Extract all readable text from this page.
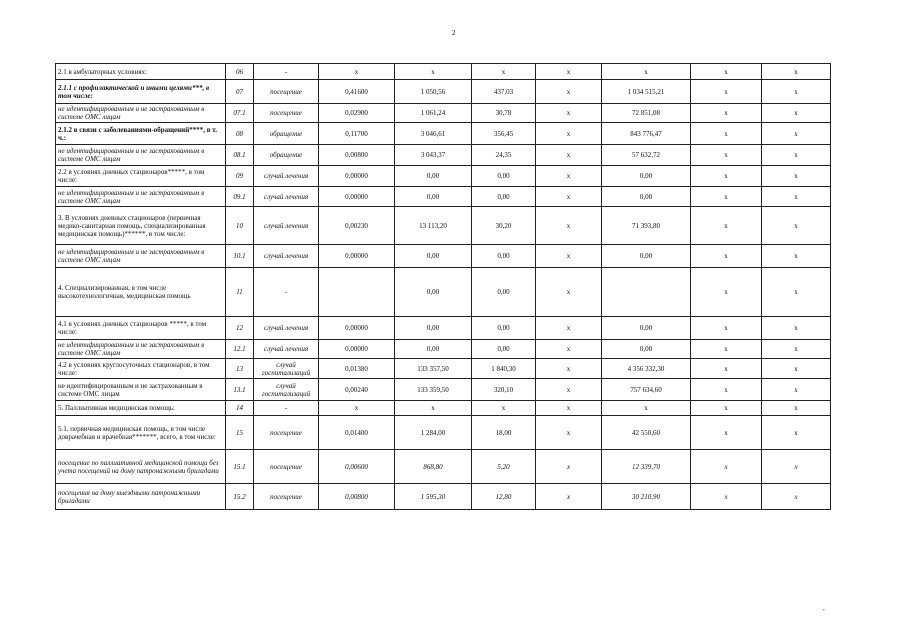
2
2.1 в амбулаторных условиях:	06	-	x	x	x	x	x	x	x
2.1.1 с профилактической и иными целями***, в том числе:	07	посещение	0,41600	1 050,56	437,03	x	1 034 515,21	x	x
не идентифицированным и не застрахованным в системе ОМС лицам	07.1	посещение	0,02900	1 061,24	30,78	x	72 851,08	x	x
2.1.2 в связи с заболеваниями-обращений****, в т. ч.:	08	обращение	0,11700	3 046,61	356,45	x	843 776,47	x	x
не идентифицированным и не застрахованным в системе ОМС лицам	08.1	обращение	0,00800	3 043,37	24,35	x	57 632,72	x	x
2.2 в условиях дневных стационаров*****, в том числе:	09	случай лечения	0,00000	0,00	0,00	x	0,00	x	x
не идентифицированным и не застрахованным в системе ОМС лицам	09.1	случай лечения	0,00000	0,00	0,00	x	0,00	x	x
3. В условиях дневных стационаров (первичная медико-санитарная помощь, специализированная медицинская помощь)******, в том числе:	10	случай лечения	0,00230	13 113,20	30,20	x	71 393,80	x	x
не идентифицированным и не застрахованным в системе ОМС лицам	10.1	случай лечения	0,00000	0,00	0,00	x	0,00	x	x
4. Специализированная, в том числе высокотехнологичная, медицинская помощь	11	-		0,00	0,00	x		x	x
4.1 в условиях дневных стационаров *****, в том числе:	12	случай лечения	0,00000	0,00	0,00	x	0,00	x	x
не идентифицированным и не застрахованным в системе ОМС лицам	12.1	случай лечения	0,00000	0,00	0,00	x	0,00	x	x
4.2 в условиях круглосуточных стационаров, в том числе:	13	случай госпитализаций	0,01380	133 357,50	1 840,30	x	4 356 332,30	x	x
не идентифицированным и не застрахованным в системе ОМС лицам	13.1	случай госпитализаций	0,00240	133 359,50	320,10	x	757 634,60	x	x
5. Паллиативная медицинская помощь:	14	-	x	x	x	x	x	x	x
5.1. первичная медицинская помощь, в том числе доврачебная и врачебная*******, всего, в том числе:	15	посещение	0,01400	1 284,00	18,00	x	42 550,60	x	x
посещение по паллиативной медицинской помощи без учета посещений на дому патронажными бригадами	15.1	посещение	0,00600	868,80	5,20	x	12 339,70	x	x
посещения на дому выездными патронажными бригадами	15.2	посещение	0,00800	1 595,30	12,80	x	30 210,90	x	x
,
